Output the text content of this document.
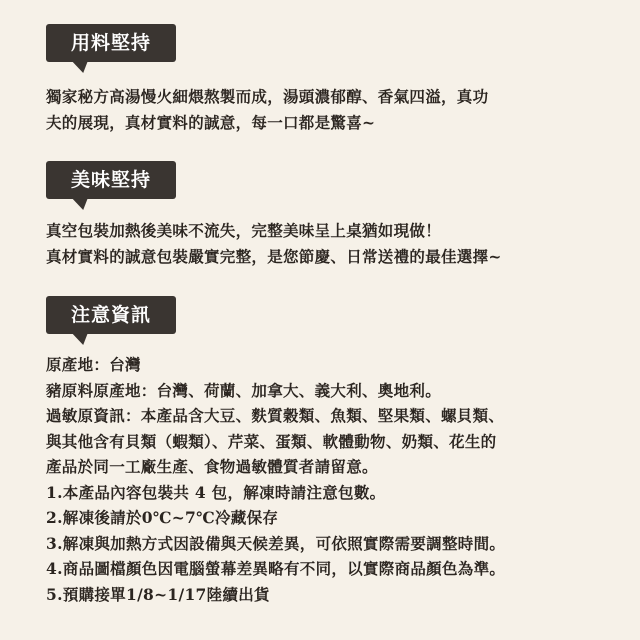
用料堅持
獨家秘方高湯慢火細煨熬製而成，湯頭濃郁醇、香氣四溢，真功
夫的展現，真材實料的誠意，每一口都是驚喜~
美味堅持
真空包裝加熱後美味不流失，完整美味呈上桌猶如現做！
真材實料的誠意包裝嚴實完整，是您節慶、日常送禮的最佳選擇~
注意資訊
原產地：台灣
豬原料原產地：台灣、荷蘭、加拿大、義大利、奧地利。
過敏原資訊：本產品含大豆、麩質穀類、魚類、堅果類、螺貝類、
與其他含有貝類（蝦類）、芹菜、蛋類、軟體動物、奶類、花生的
產品於同一工廠生產、食物過敏體質者請留意。
1.本產品內容包裝共 4 包，解凍時請注意包數。
2.解凍後請於0℃~7℃冷藏保存
3.解凍與加熱方式因設備與天候差異，可依照實際需要調整時間。
4.商品圖檔顏色因電腦螢幕差異略有不同，以實際商品顏色為準。
5.預購接單1/8~1/17陸續出貨
